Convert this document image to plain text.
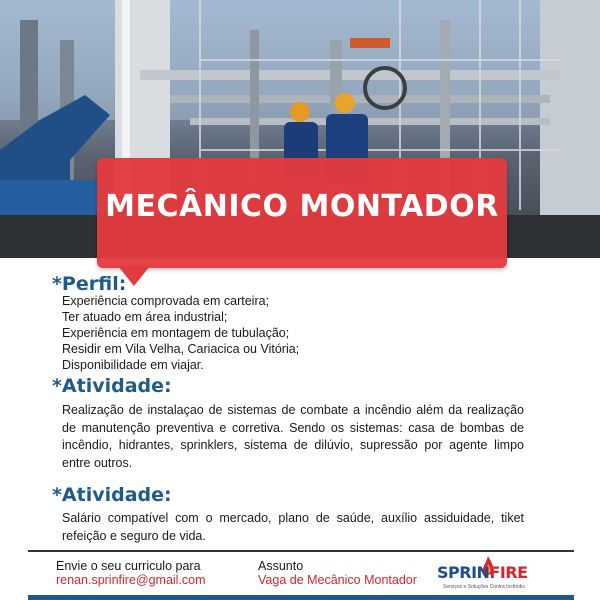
MECÂNICO MONTADOR
*Perfil:
Experiência comprovada em carteira;
Ter atuado em área industrial;
Experiência em montagem de tubulação;
Residir em Vila Velha, Cariacica ou Vitória;
Disponibilidade em viajar.
*Atividade:
Realização de instalaçao de sistemas de combate a incêndio além da realização de manutenção preventiva e corretiva. Sendo os sistemas: casa de bombas de incêndio, hidrantes, sprinklers, sistema de dilúvio, supressão por agente limpo entre outros.
*Atividade:
Salário compatível com o mercado, plano de saúde, auxílio assiduidade, tiket refeição e seguro de vida.
Envie o seu curriculo para
renan.sprinfire@gmail.com
Assunto
Vaga de Mecânico Montador SPRINFIRE
Serviços e Soluções Contra Incêndio
